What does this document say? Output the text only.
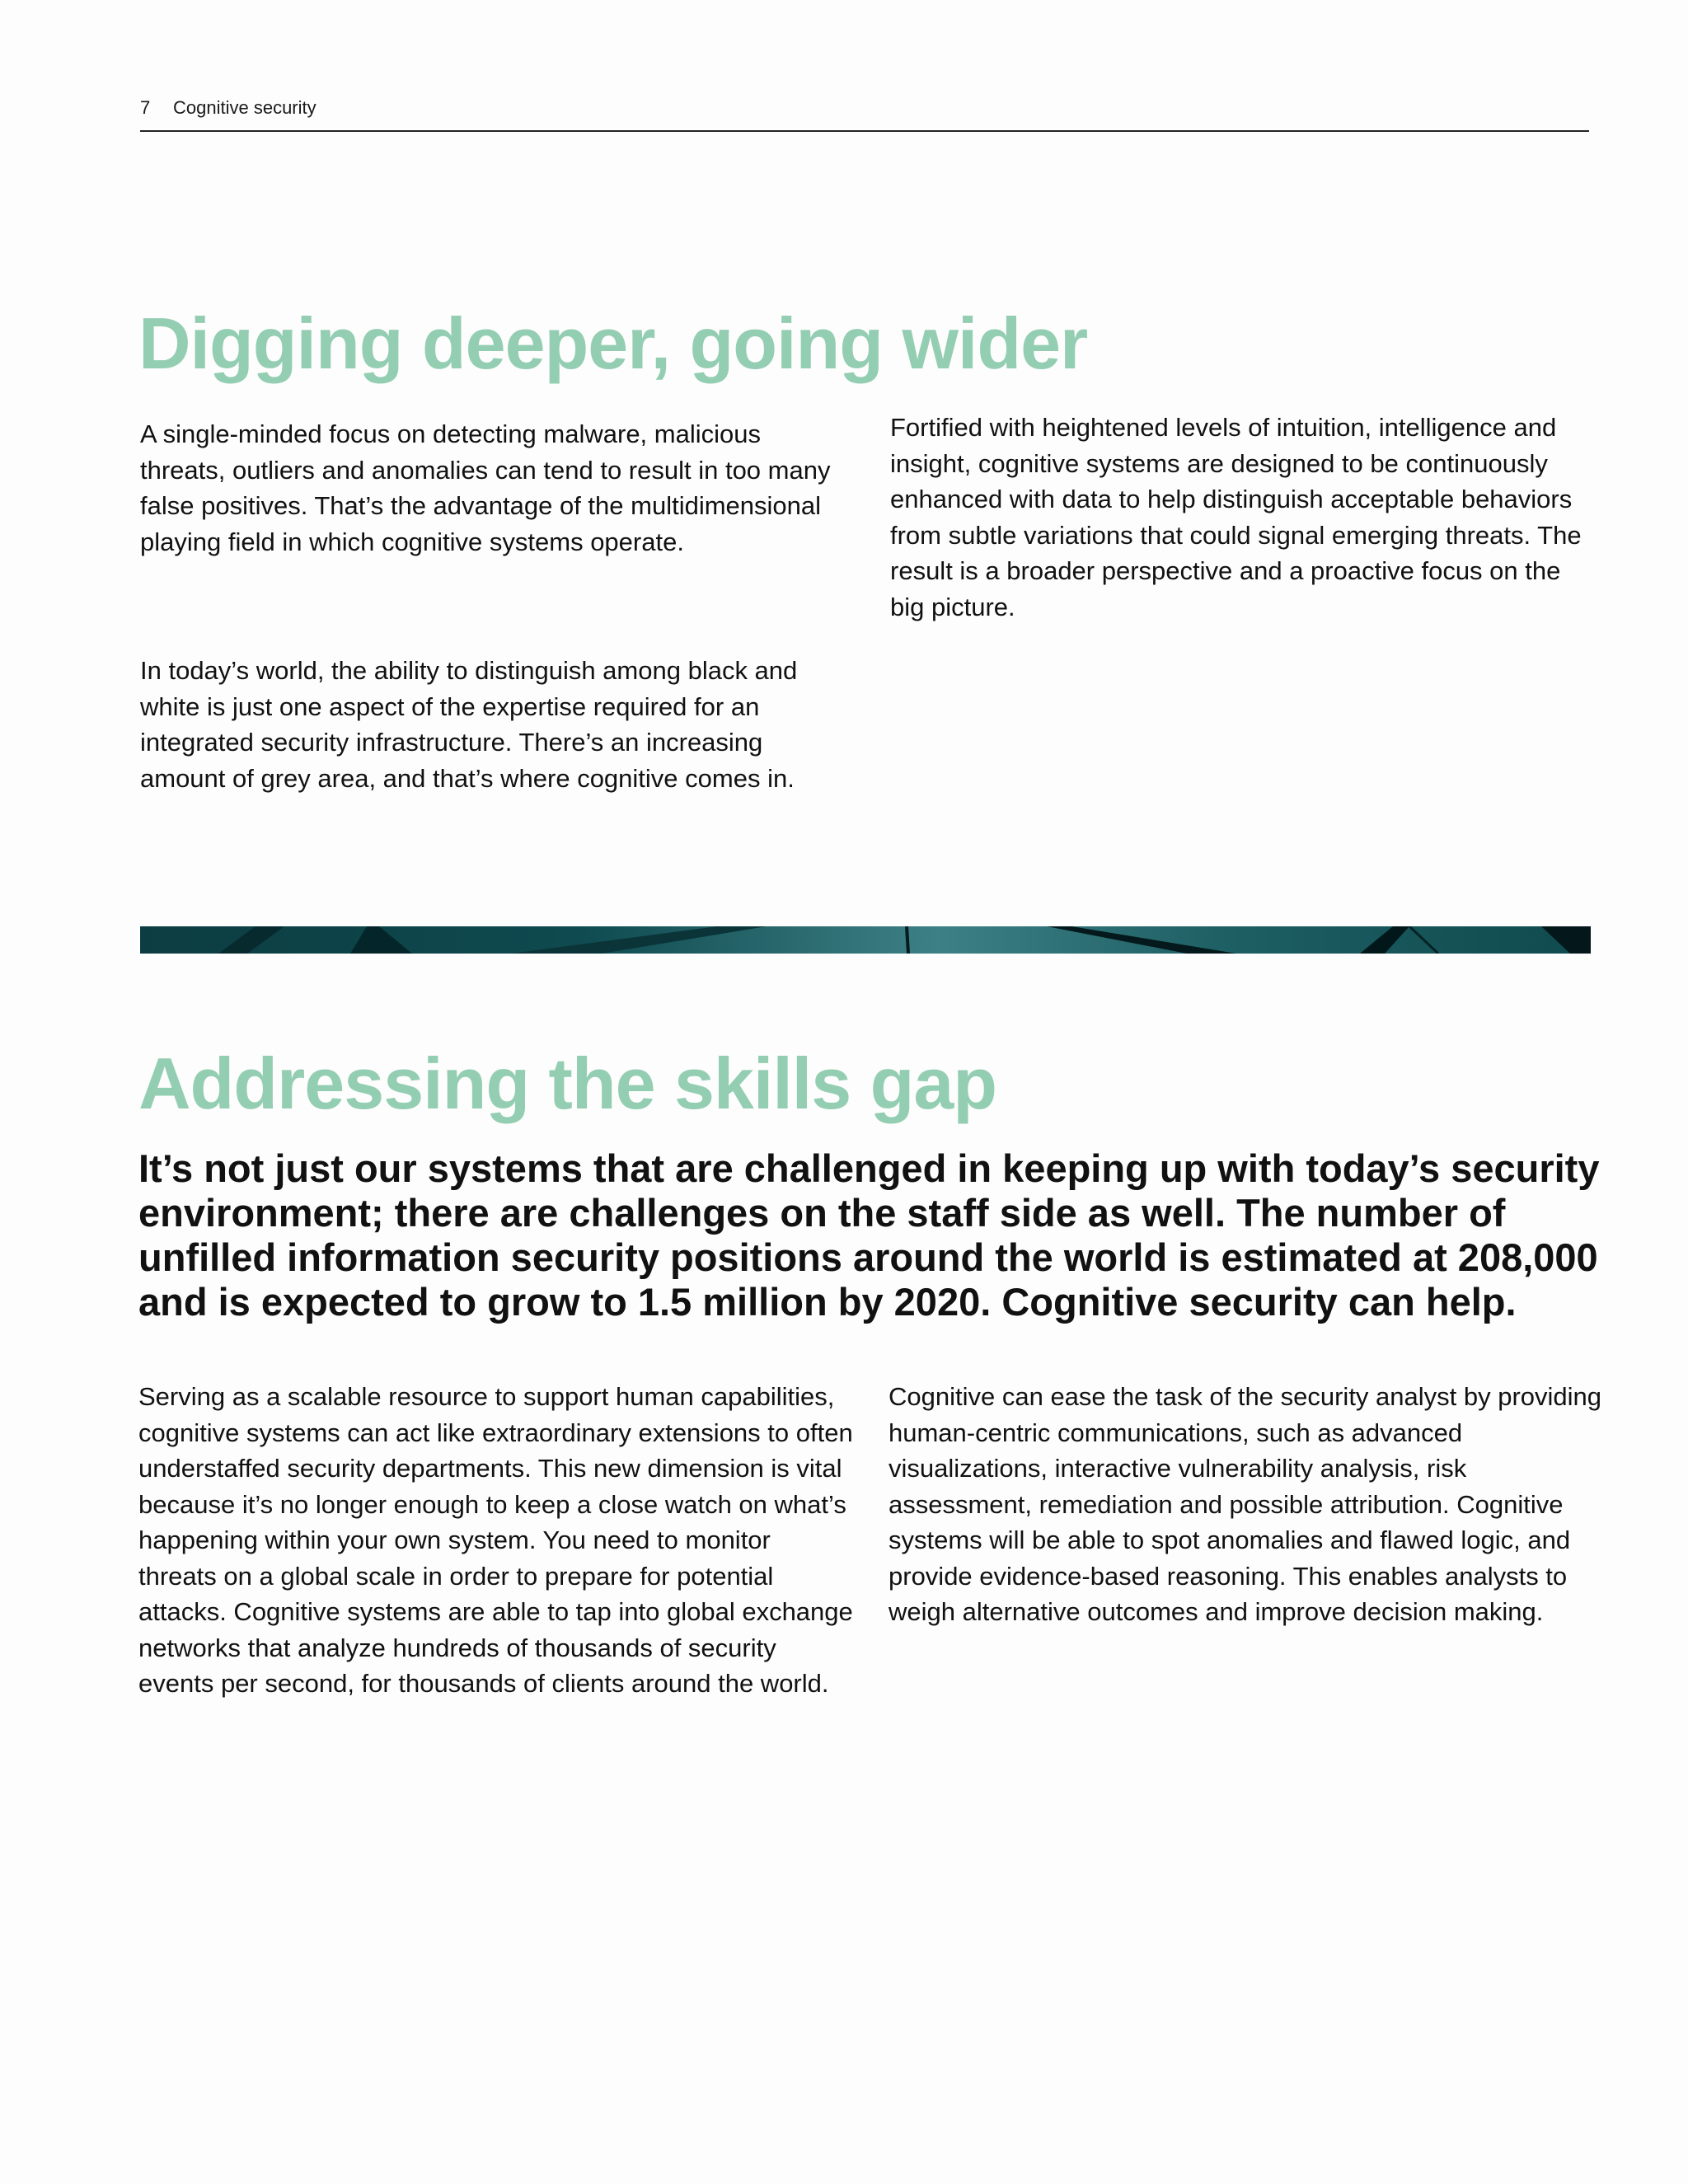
7 Cognitive security
Digging deeper, going wider

A single-minded focus on detecting malware, malicious threats, outliers and anomalies can tend to result in too many false positives. That’s the advantage of the multidimensional playing field in which cognitive systems operate.

In today’s world, the ability to distinguish among black and white is just one aspect of the expertise required for an integrated security infrastructure. There’s an increasing amount of grey area, and that’s where cognitive comes in.

Fortified with heightened levels of intuition, intelligence and insight, cognitive systems are designed to be continuously enhanced with data to help distinguish acceptable behaviors from subtle variations that could signal emerging threats. The result is a broader perspective and a proactive focus on the big picture.

Addressing the skills gap

It’s not just our systems that are challenged in keeping up with today’s security environment; there are challenges on the staff side as well. The number of unfilled information security positions around the world is estimated at 208,000 and is expected to grow to 1.5 million by 2020. Cognitive security can help.

Serving as a scalable resource to support human capabilities, cognitive systems can act like extraordinary extensions to often understaffed security departments. This new dimension is vital because it’s no longer enough to keep a close watch on what’s happening within your own system. You need to monitor threats on a global scale in order to prepare for potential attacks. Cognitive systems are able to tap into global exchange networks that analyze hundreds of thousands of security events per second, for thousands of clients around the world.

Cognitive can ease the task of the security analyst by providing human-centric communications, such as advanced visualizations, interactive vulnerability analysis, risk assessment, remediation and possible attribution. Cognitive systems will be able to spot anomalies and flawed logic, and provide evidence-based reasoning. This enables analysts to weigh alternative outcomes and improve decision making.
